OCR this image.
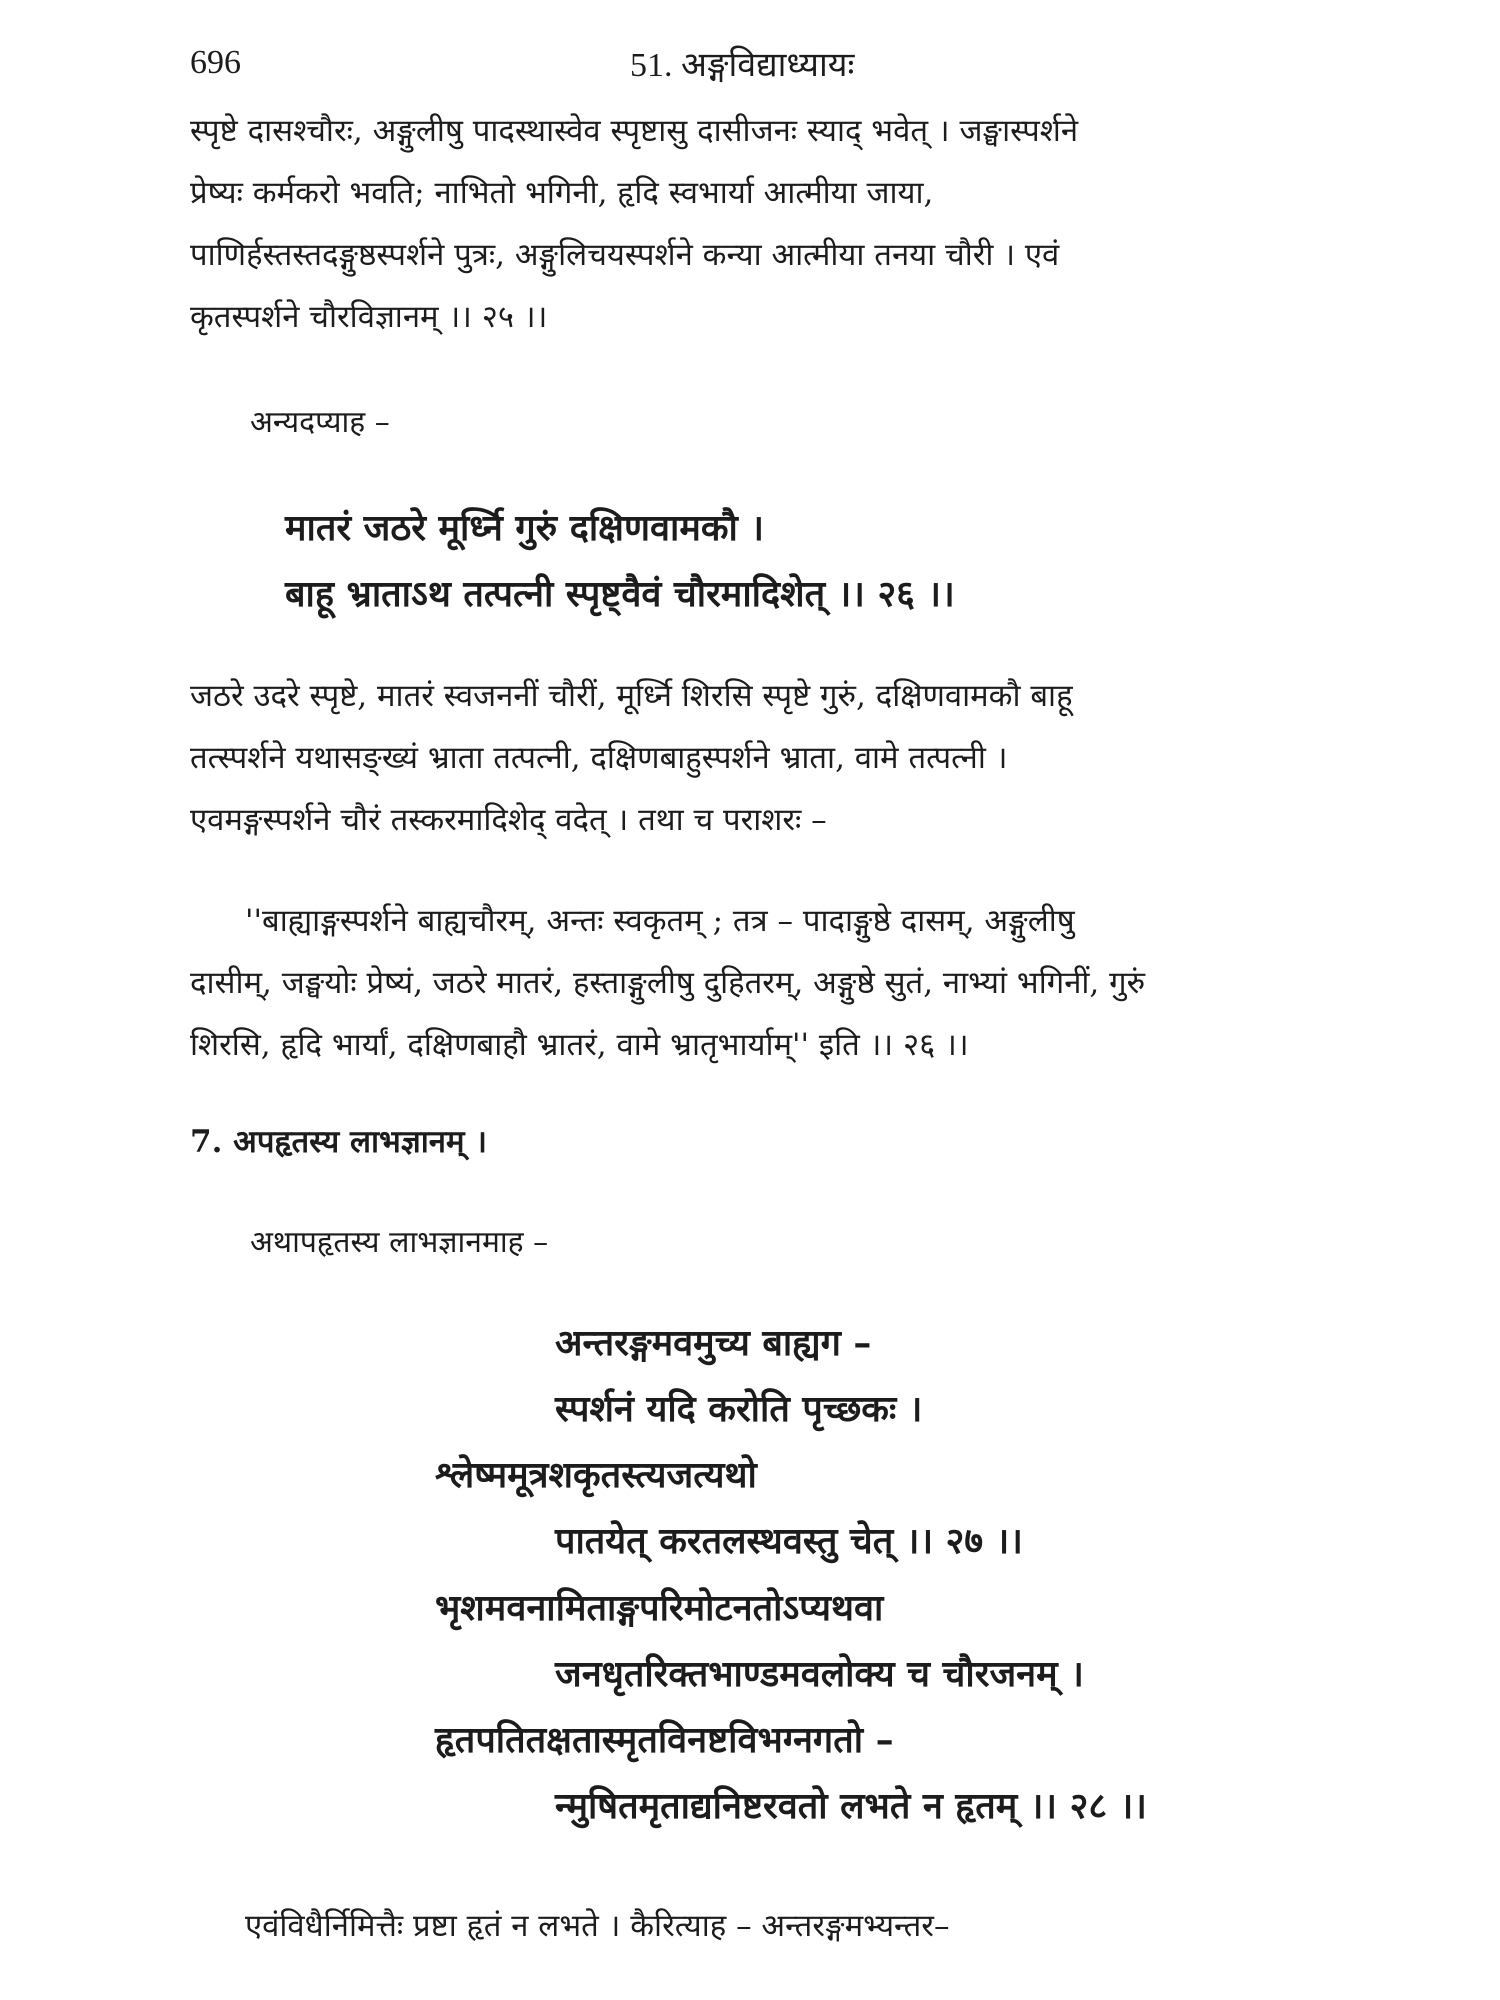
696	51. अङ्गविद्याध्यायः
स्पृष्टे दासश्चौरः, अङ्गुलीषु पादस्थास्वेव स्पृष्टासु दासीजनः स्याद् भवेत् । जङ्घास्पर्शने
प्रेष्यः कर्मकरो भवति; नाभितो भगिनी, हृदि स्वभार्या आत्मीया जाया,
पाणिर्हस्तस्तदङ्गुष्ठस्पर्शने पुत्रः, अङ्गुलिचयस्पर्शने कन्या आत्मीया तनया चौरी । एवं
कृतस्पर्शने चौरविज्ञानम् ।। २५ ।।
अन्यदप्याह –
मातरं जठरे मूर्ध्नि गुरुं दक्षिणवामकौ ।
बाहू भ्राताऽथ तत्पत्नी स्पृष्ट्वैवं चौरमादिशेत् ।। २६ ।।
जठरे उदरे स्पृष्टे, मातरं स्वजननीं चौरीं, मूर्ध्नि शिरसि स्पृष्टे गुरुं, दक्षिणवामकौ बाहू
तत्स्पर्शने यथासङ्ख्यं भ्राता तत्पत्नी, दक्षिणबाहुस्पर्शने भ्राता, वामे तत्पत्नी ।
एवमङ्गस्पर्शने चौरं तस्करमादिशेद् वदेत् । तथा च पराशरः –
''बाह्याङ्गस्पर्शने बाह्यचौरम्, अन्तः स्वकृतम् ; तत्र – पादाङ्गुष्ठे दासम्, अङ्गुलीषु
दासीम्, जङ्घयोः प्रेष्यं, जठरे मातरं, हस्ताङ्गुलीषु दुहितरम्, अङ्गुष्ठे सुतं, नाभ्यां भगिनीं, गुरुं
शिरसि, हृदि भार्यां, दक्षिणबाहौ भ्रातरं, वामे भ्रातृभार्याम्'' इति ।। २६ ।।
7. अपहृतस्य लाभज्ञानम् ।
अथापहृतस्य लाभज्ञानमाह –
अन्तरङ्गमवमुच्य बाह्यग –
स्पर्शनं यदि करोति पृच्छकः ।
श्लेष्ममूत्रशकृतस्त्यजत्यथो
पातयेत् करतलस्थवस्तु चेत् ।। २७ ।।
भृशमवनामिताङ्गपरिमोटनतोऽप्यथवा
जनधृतरिक्तभाण्डमवलोक्य च चौरजनम् ।
हृतपतितक्षतास्मृतविनष्टविभग्नगतो –
न्मुषितमृताद्यनिष्टरवतो लभते न हृतम् ।। २८ ।।
एवंविधैर्निमित्तैः प्रष्टा हृतं न लभते । कैरित्याह – अन्तरङ्गमभ्यन्तर–
